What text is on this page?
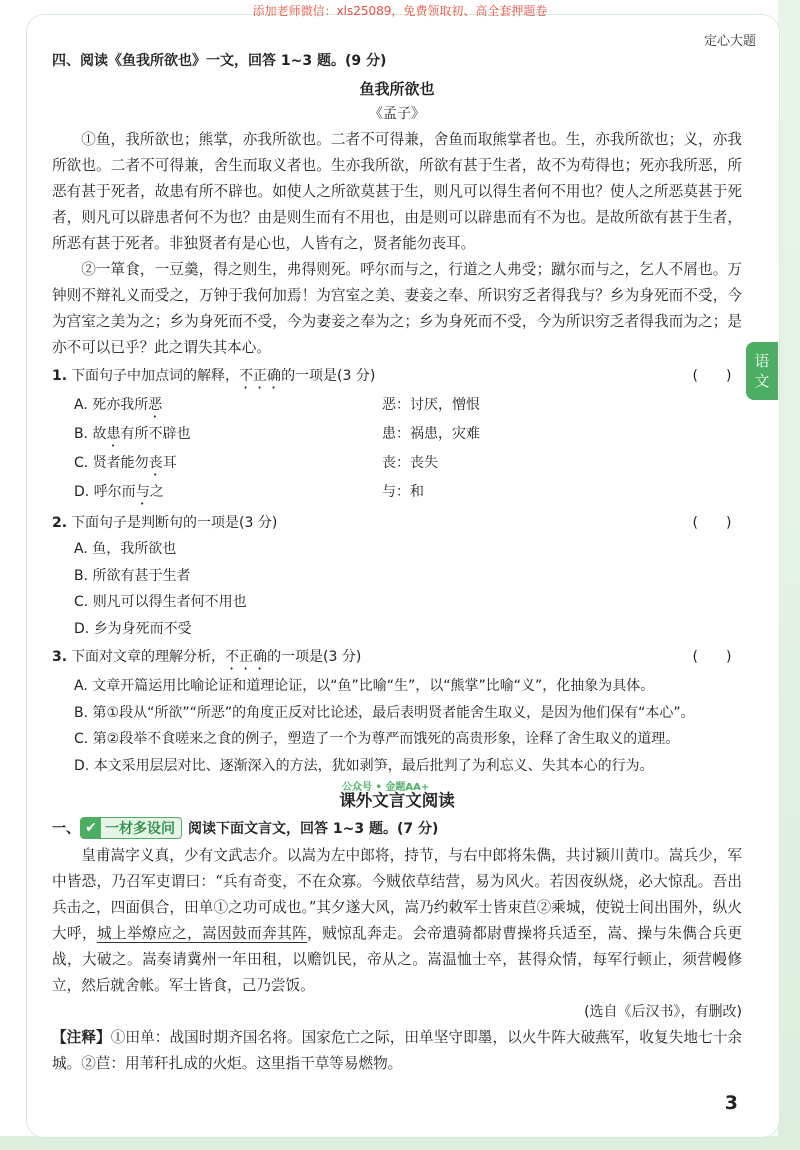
添加老师微信：xls25089，免费领取初、高全套押题卷
定心大题
语
文
四、阅读《鱼我所欲也》一文，回答 1~3 题。(9 分)
鱼我所欲也
《孟子》

①鱼，我所欲也；熊掌，亦我所欲也。二者不可得兼，舍鱼而取熊掌者也。生，亦我所欲也；义，亦我所欲也。二者不可得兼，舍生而取义者也。生亦我所欲，所欲有甚于生者，故不为苟得也；死亦我所恶，所恶有甚于死者，故患有所不辟也。如使人之所欲莫甚于生，则凡可以得生者何不用也？使人之所恶莫甚于死者，则凡可以辟患者何不为也？由是则生而有不用也，由是则可以辟患而有不为也。是故所欲有甚于生者，所恶有甚于死者。非独贤者有是心也，人皆有之，贤者能勿丧耳。

②一箪食，一豆羹，得之则生，弗得则死。呼尔而与之，行道之人弗受；蹴尔而与之，乞人不屑也。万钟则不辩礼义而受之，万钟于我何加焉！为宫室之美、妻妾之奉、所识穷乏者得我与？乡为身死而不受，今为宫室之美为之；乡为身死而不受，今为妻妾之奉为之；乡为身死而不受，今为所识穷乏者得我而为之；是亦不可以已乎？此之谓失其本心。

1. 下面句子中加点词的解释，不正确的一项是(3 分)	(　　)
A. 死亦我所恶	恶：讨厌，憎恨
B. 故患有所不辟也	患：祸患，灾难
C. 贤者能勿丧耳	丧：丧失
D. 呼尔而与之	与：和
2. 下面句子是判断句的一项是(3 分)	(　　)
A.
鱼，我所欲也
B.
所欲有甚于生者
C.
则凡可以得生者何不用也
D.
乡为身死而不受
3. 下面对文章的理解分析，不正确的一项是(3 分)	(　　)
A. 文章开篇运用比喻论证和道理论证，以“鱼”比喻“生”，以“熊掌”比喻“义”，化抽象为具体。
B. 第①段从“所欲”“所恶”的角度正反对比论述，最后表明贤者能舍生取义，是因为他们保有“本心”。
C. 第②段举不食嗟来之食的例子，塑造了一个为尊严而饿死的高贵形象，诠释了舍生取义的道理。
D. 本文采用层层对比、逐渐深入的方法，犹如剥笋，最后批判了为利忘义、失其本心的行为。
课外文言文阅读
公众号 • 金题AA+
一、 ✔ 一材多设问 阅读下面文言文，回答 1~3 题。(7 分)

皇甫嵩字义真，少有文武志介。以嵩为左中郎将，持节，与右中郎将朱儁，共讨颍川黄巾。嵩兵少，军中皆恐，乃召军吏谓曰：“兵有奇变，不在众寡。今贼依草结营，易为风火。若因夜纵烧，必大惊乱。吾出兵击之，四面俱合，田单①之功可成也。”其夕遂大风，嵩乃约敕军士皆束苣②乘城，使锐士间出围外，纵火大呼，城上举燎应之，嵩因鼓而奔其阵，贼惊乱奔走。会帝遣骑都尉曹操将兵适至，嵩、操与朱儁合兵更战，大破之。嵩奏请冀州一年田租，以赡饥民，帝从之。嵩温恤士卒，甚得众情，每军行顿止，须营幔修立，然后就舍帐。军士皆食，己乃尝饭。

(选自《后汉书》，有删改)

【注释】①田单：战国时期齐国名将。国家危亡之际，田单坚守即墨，以火牛阵大破燕军，收复失地七十余城。②苣：用苇秆扎成的火炬。这里指干草等易燃物。

3
